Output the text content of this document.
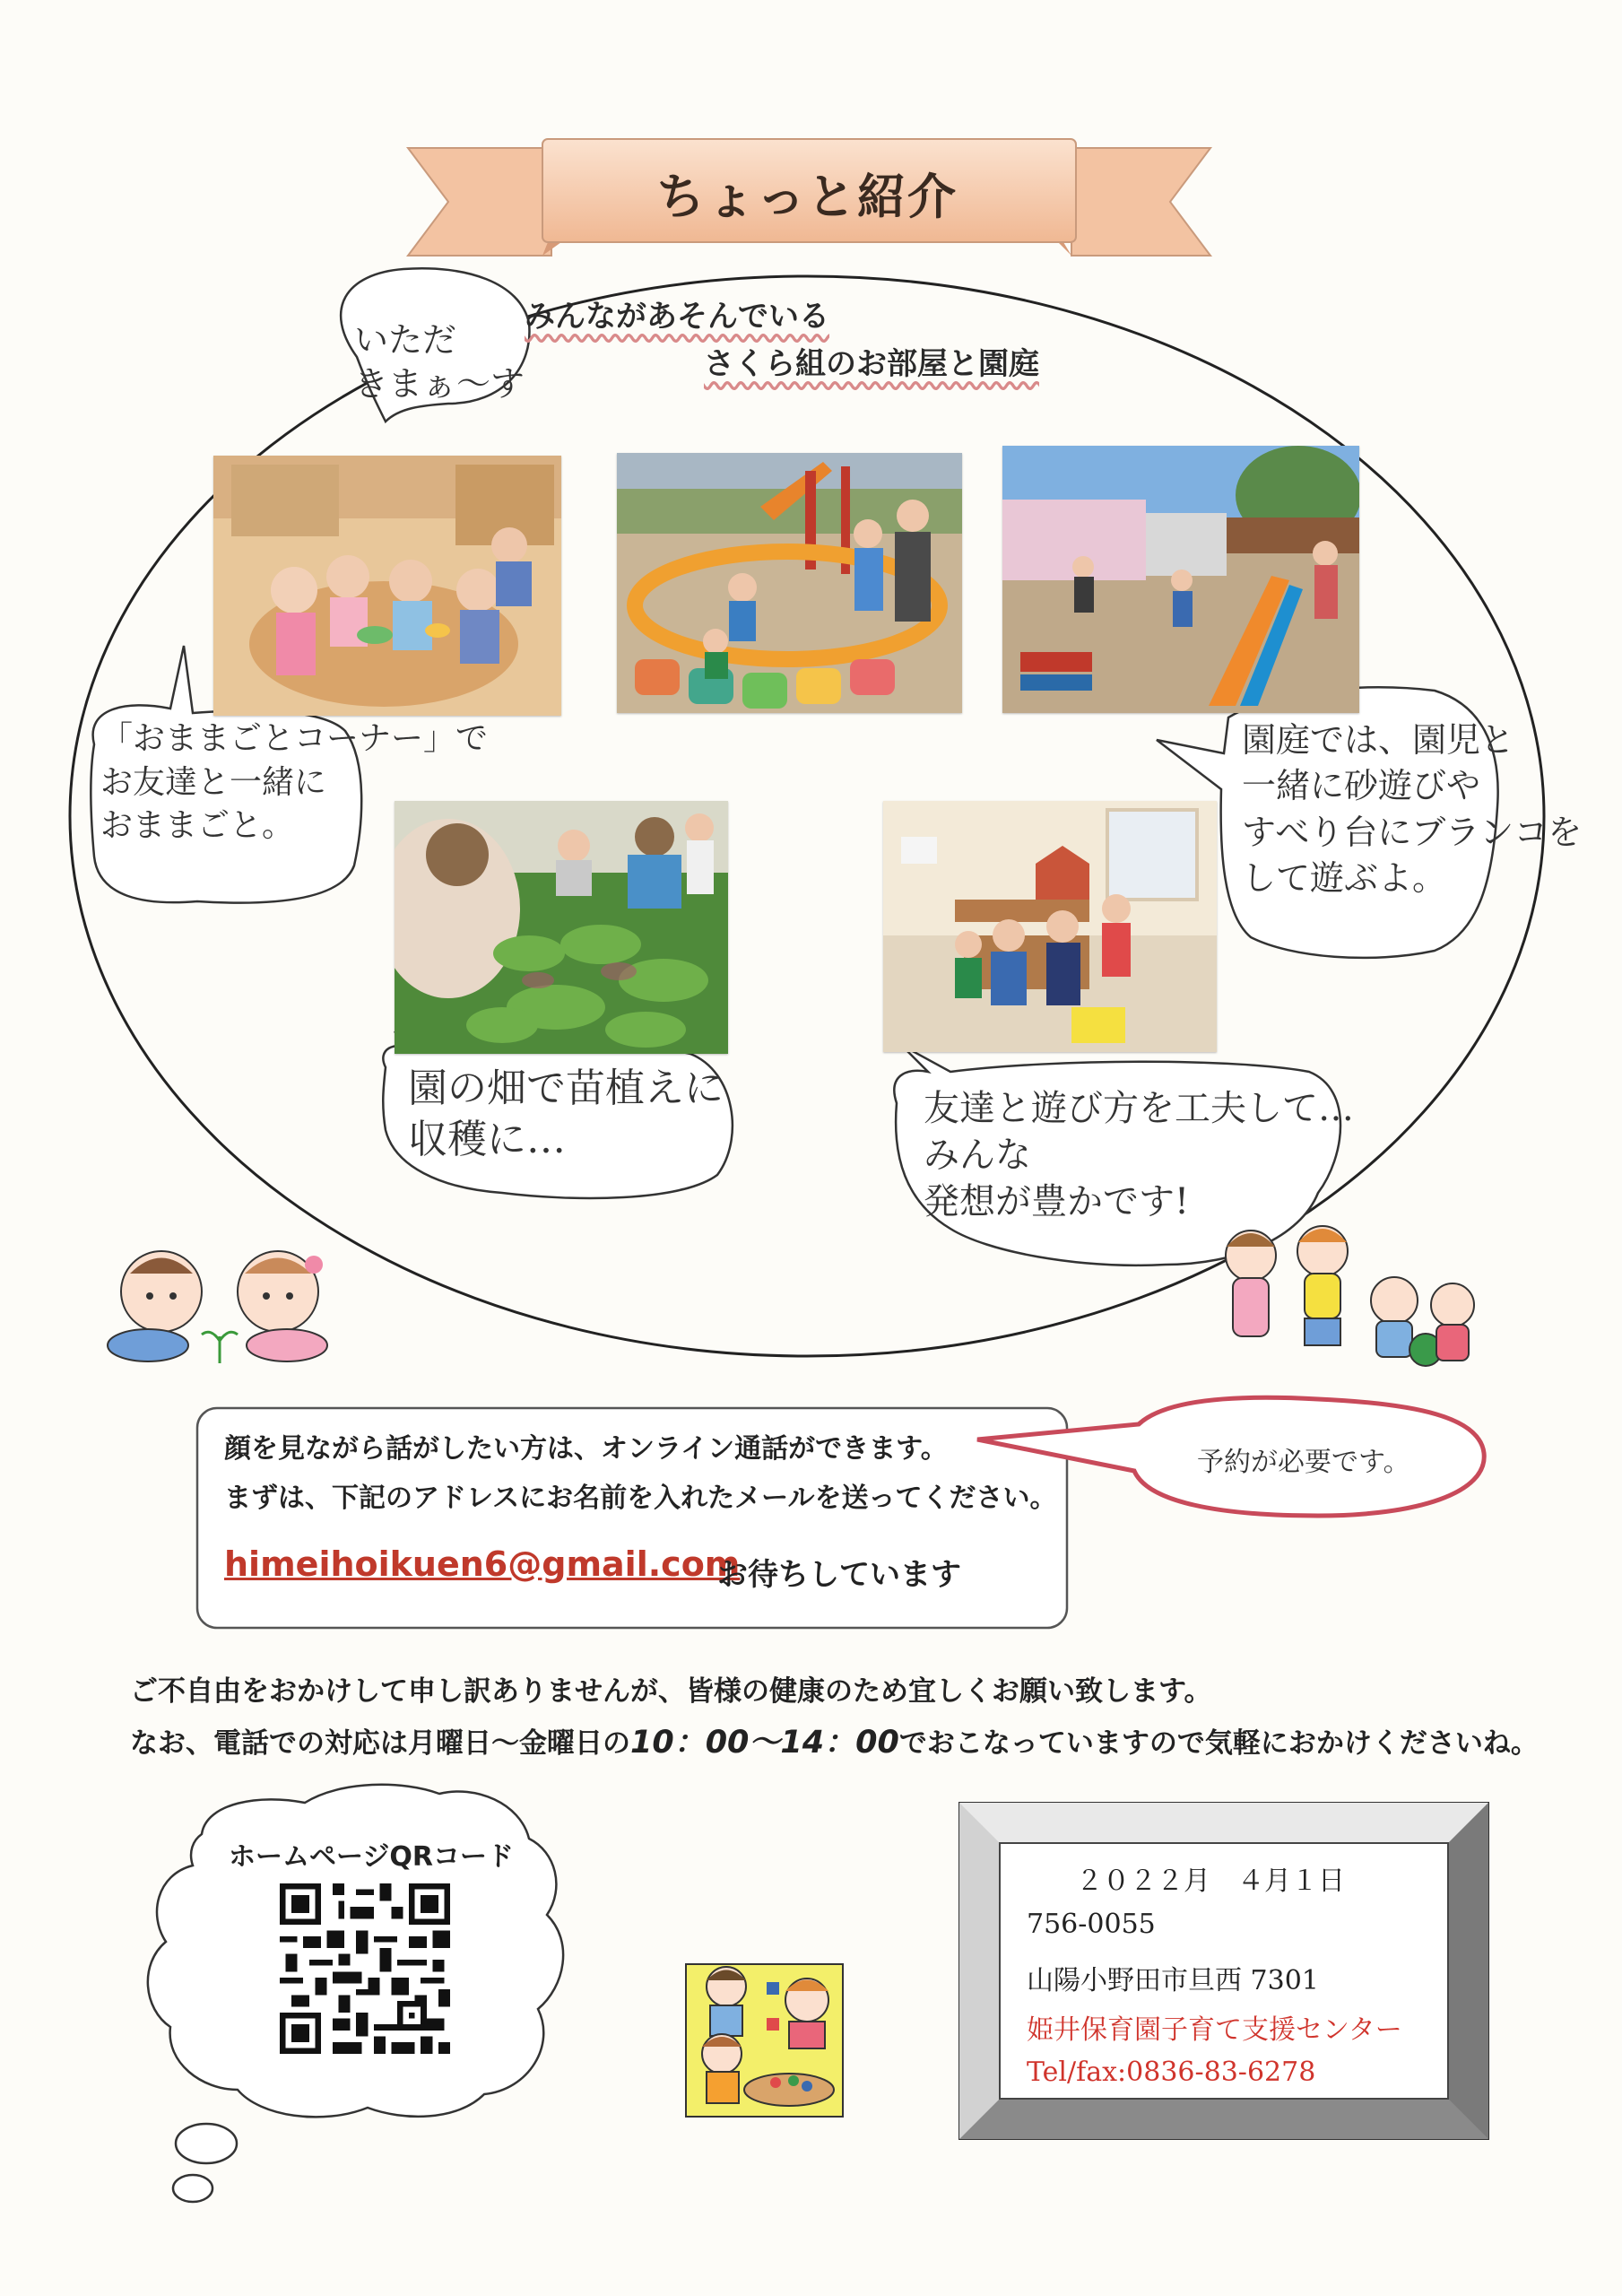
ちょっと紹介
みんながあそんでいる
さくら組のお部屋と園庭
いただ
きまぁ～す
「おままごとコーナー」で
お友達と一緒に
おままごと。
園庭では、園児と
一緒に砂遊びや
すべり台にブランコを
して遊ぶよ。
園の畑で苗植えに
収穫に…
友達と遊び方を工夫して…
みんな
発想が豊かです!
顔を見ながら話がしたい方は、オンライン通話ができます。
まずは、下記のアドレスにお名前を入れたメールを送ってください。
himeihoikuen6@gmail.com
お待ちしています
予約が必要です。
ご不自由をおかけして申し訳ありませんが、皆様の健康のため宜しくお願い致します。
なお、電話での対応は月曜日～金曜日の10：00～14：00でおこなっていますので気軽におかけくださいね。
ホームページQRコード
２０２２月　４月１日
756-0055
山陽小野田市旦西 7301
姫井保育園子育て支援センター
Tel/fax:0836-83-6278
